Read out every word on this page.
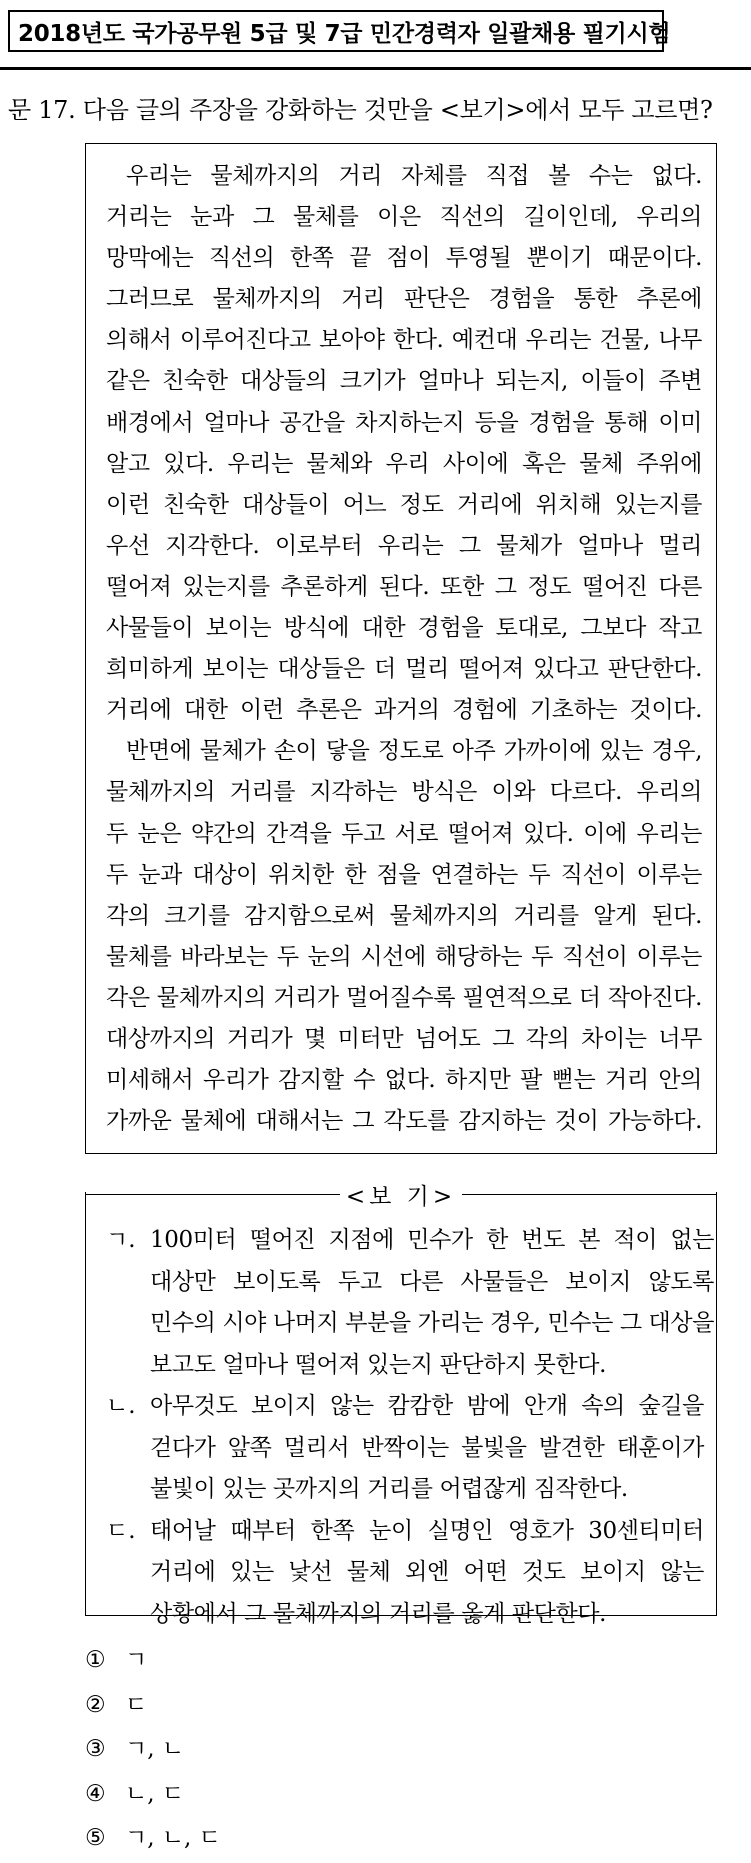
2018년도 국가공무원 5급 및 7급 민간경력자 일괄채용 필기시험
문 17. 다음 글의 주장을 강화하는 것만을 <보기>에서 모두 고르면?
우리는 물체까지의 거리 자체를 직접 볼 수는 없다.
거리는 눈과 그 물체를 이은 직선의 길이인데, 우리의
망막에는 직선의 한쪽 끝 점이 투영될 뿐이기 때문이다.
그러므로 물체까지의 거리 판단은 경험을 통한 추론에
의해서 이루어진다고 보아야 한다. 예컨대 우리는 건물, 나무
같은 친숙한 대상들의 크기가 얼마나 되는지, 이들이 주변
배경에서 얼마나 공간을 차지하는지 등을 경험을 통해 이미
알고 있다. 우리는 물체와 우리 사이에 혹은 물체 주위에
이런 친숙한 대상들이 어느 정도 거리에 위치해 있는지를
우선 지각한다. 이로부터 우리는 그 물체가 얼마나 멀리
떨어져 있는지를 추론하게 된다. 또한 그 정도 떨어진 다른
사물들이 보이는 방식에 대한 경험을 토대로, 그보다 작고
희미하게 보이는 대상들은 더 멀리 떨어져 있다고 판단한다.
거리에 대한 이런 추론은 과거의 경험에 기초하는 것이다.
반면에 물체가 손이 닿을 정도로 아주 가까이에 있는 경우,
물체까지의 거리를 지각하는 방식은 이와 다르다. 우리의
두 눈은 약간의 간격을 두고 서로 떨어져 있다. 이에 우리는
두 눈과 대상이 위치한 한 점을 연결하는 두 직선이 이루는
각의 크기를 감지함으로써 물체까지의 거리를 알게 된다.
물체를 바라보는 두 눈의 시선에 해당하는 두 직선이 이루는
각은 물체까지의 거리가 멀어질수록 필연적으로 더 작아진다.
대상까지의 거리가 몇 미터만 넘어도 그 각의 차이는 너무
미세해서 우리가 감지할 수 없다. 하지만 팔 뻗는 거리 안의
가까운 물체에 대해서는 그 각도를 감지하는 것이 가능하다.
<보 기>
ㄱ. 100미터 떨어진 지점에 민수가 한 번도 본 적이 없는
대상만 보이도록 두고 다른 사물들은 보이지 않도록
민수의 시야 나머지 부분을 가리는 경우, 민수는 그 대상을
보고도 얼마나 떨어져 있는지 판단하지 못한다.
ㄴ. 아무것도 보이지 않는 캄캄한 밤에 안개 속의 숲길을
걷다가 앞쪽 멀리서 반짝이는 불빛을 발견한 태훈이가
불빛이 있는 곳까지의 거리를 어렵잖게 짐작한다.
ㄷ. 태어날 때부터 한쪽 눈이 실명인 영호가 30센티미터
거리에 있는 낯선 물체 외엔 어떤 것도 보이지 않는
상황에서 그 물체까지의 거리를 옳게 판단한다.
① ㄱ
② ㄷ
③ ㄱ, ㄴ
④ ㄴ, ㄷ
⑤ ㄱ, ㄴ, ㄷ
